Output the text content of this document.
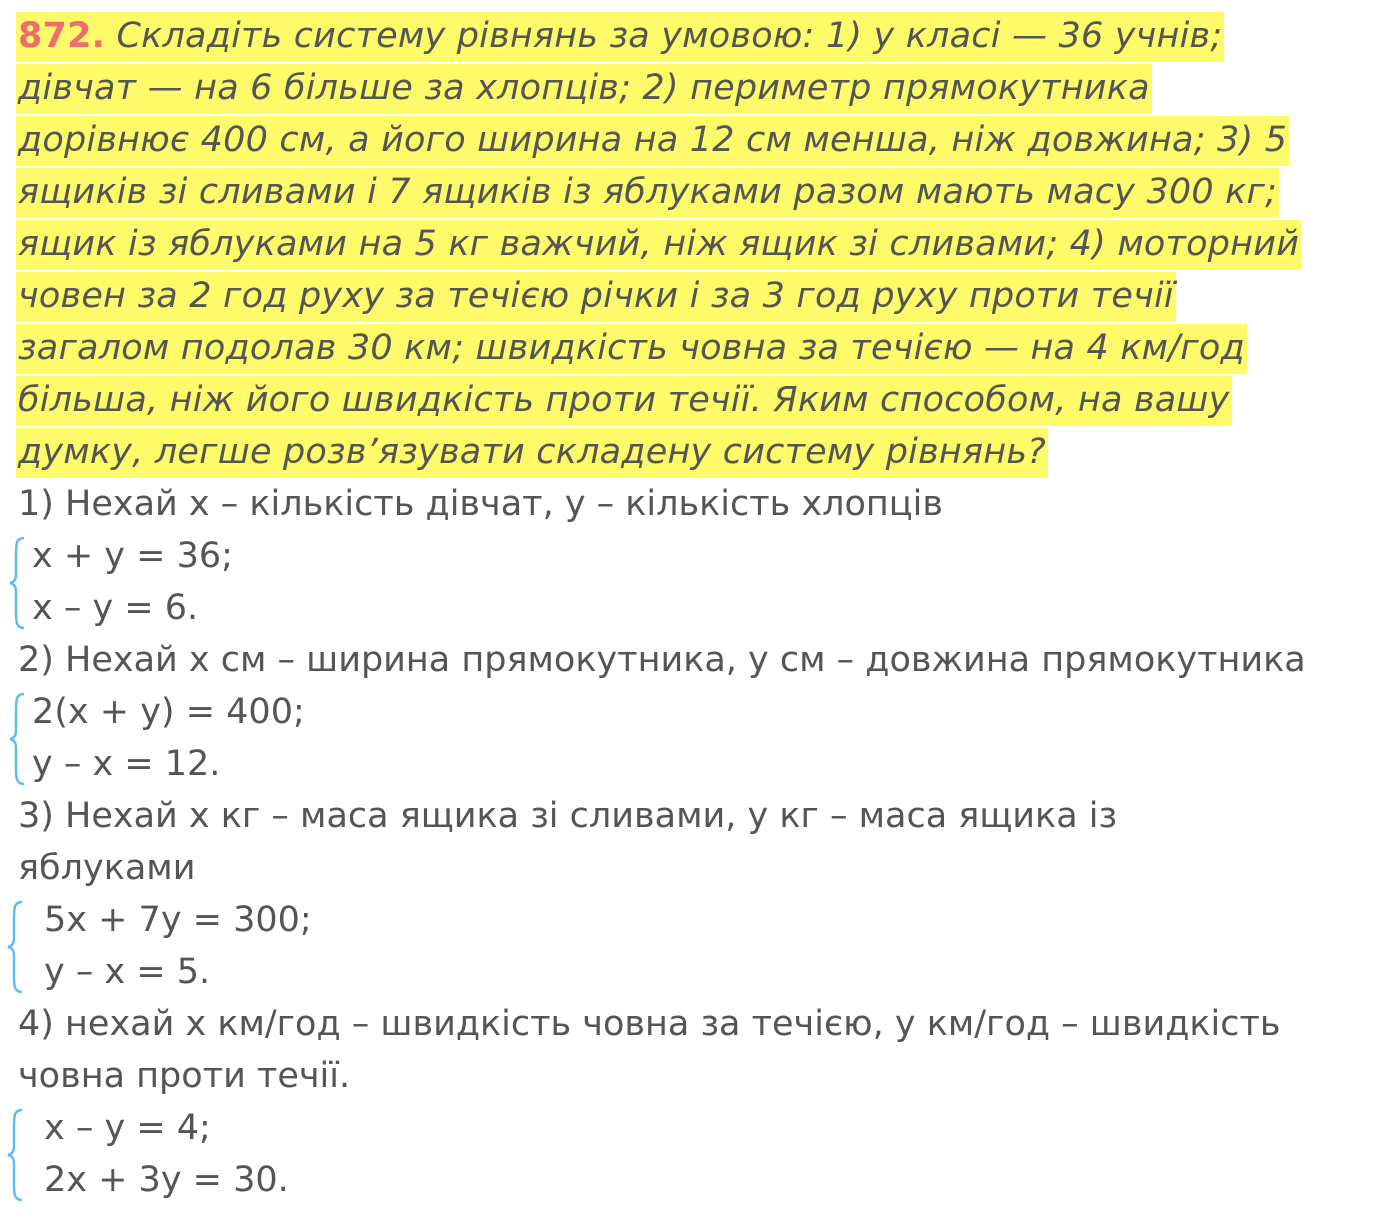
872. Складіть систему рівнянь за умовою: 1) у класі — 36 учнів;
дівчат — на 6 більше за хлопців; 2) периметр прямокутника
дорівнює 400 см, а його ширина на 12 см менша, ніж довжина; 3) 5
ящиків зі сливами і 7 ящиків із яблуками разом мають масу 300 кг;
ящик із яблуками на 5 кг важчий, ніж ящик зі сливами; 4) моторний
човен за 2 год руху за течією річки і за 3 год руху проти течії
загалом подолав 30 км; швидкість човна за течією — на 4 км/год
більша, ніж його швидкість проти течії. Яким способом, на вашу
думку, легше розв’язувати складену систему рівнянь?
1) Нехай x – кількість дівчат, y – кількість хлопців
x + y = 36;
x – y = 6.
2) Нехай x см – ширина прямокутника, y см – довжина прямокутника
2(x + y) = 400;
y – x = 12.
3) Нехай x кг – маса ящика зі сливами, y кг – маса ящика із
яблуками
5x + 7y = 300;
y – x = 5.
4) нехай x км/год – швидкість човна за течією, y км/год – швидкість
човна проти течії.
x – y = 4;
2x + 3y = 30.
